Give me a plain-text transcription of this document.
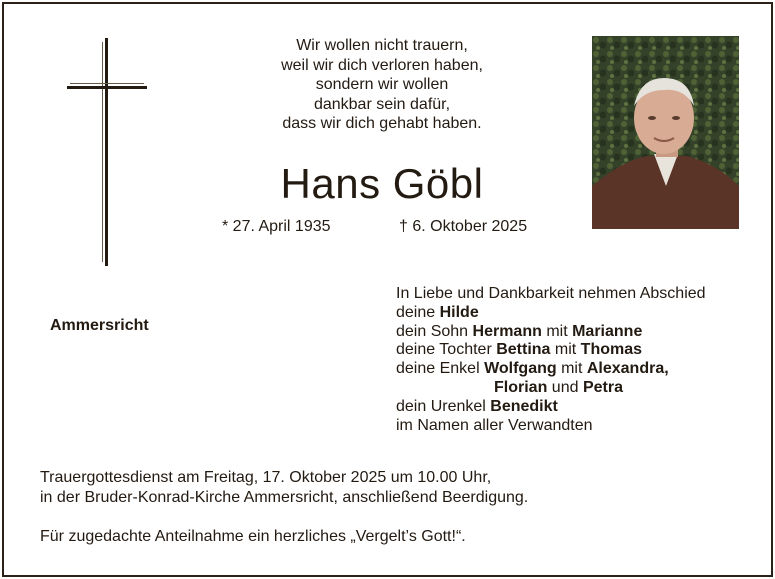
Wir wollen nicht trauern,
weil wir dich verloren haben,
sondern wir wollen
dankbar sein dafür,
dass wir dich gehabt haben.
Hans Göbl
* 27. April 1935	† 6. Oktober 2025
Ammersricht
In Liebe und Dankbarkeit nehmen Abschied
deine Hilde
dein Sohn Hermann mit Marianne
deine Tochter Bettina mit Thomas
deine Enkel Wolfgang mit Alexandra,
Florian und Petra
dein Urenkel Benedikt
im Namen aller Verwandten
Trauergottesdienst am Freitag, 17. Oktober 2025 um 10.00 Uhr,
in der Bruder-Konrad-Kirche Ammersricht, anschließend Beerdigung.
Für zugedachte Anteilnahme ein herzliches „Vergelt’s Gott!“.
